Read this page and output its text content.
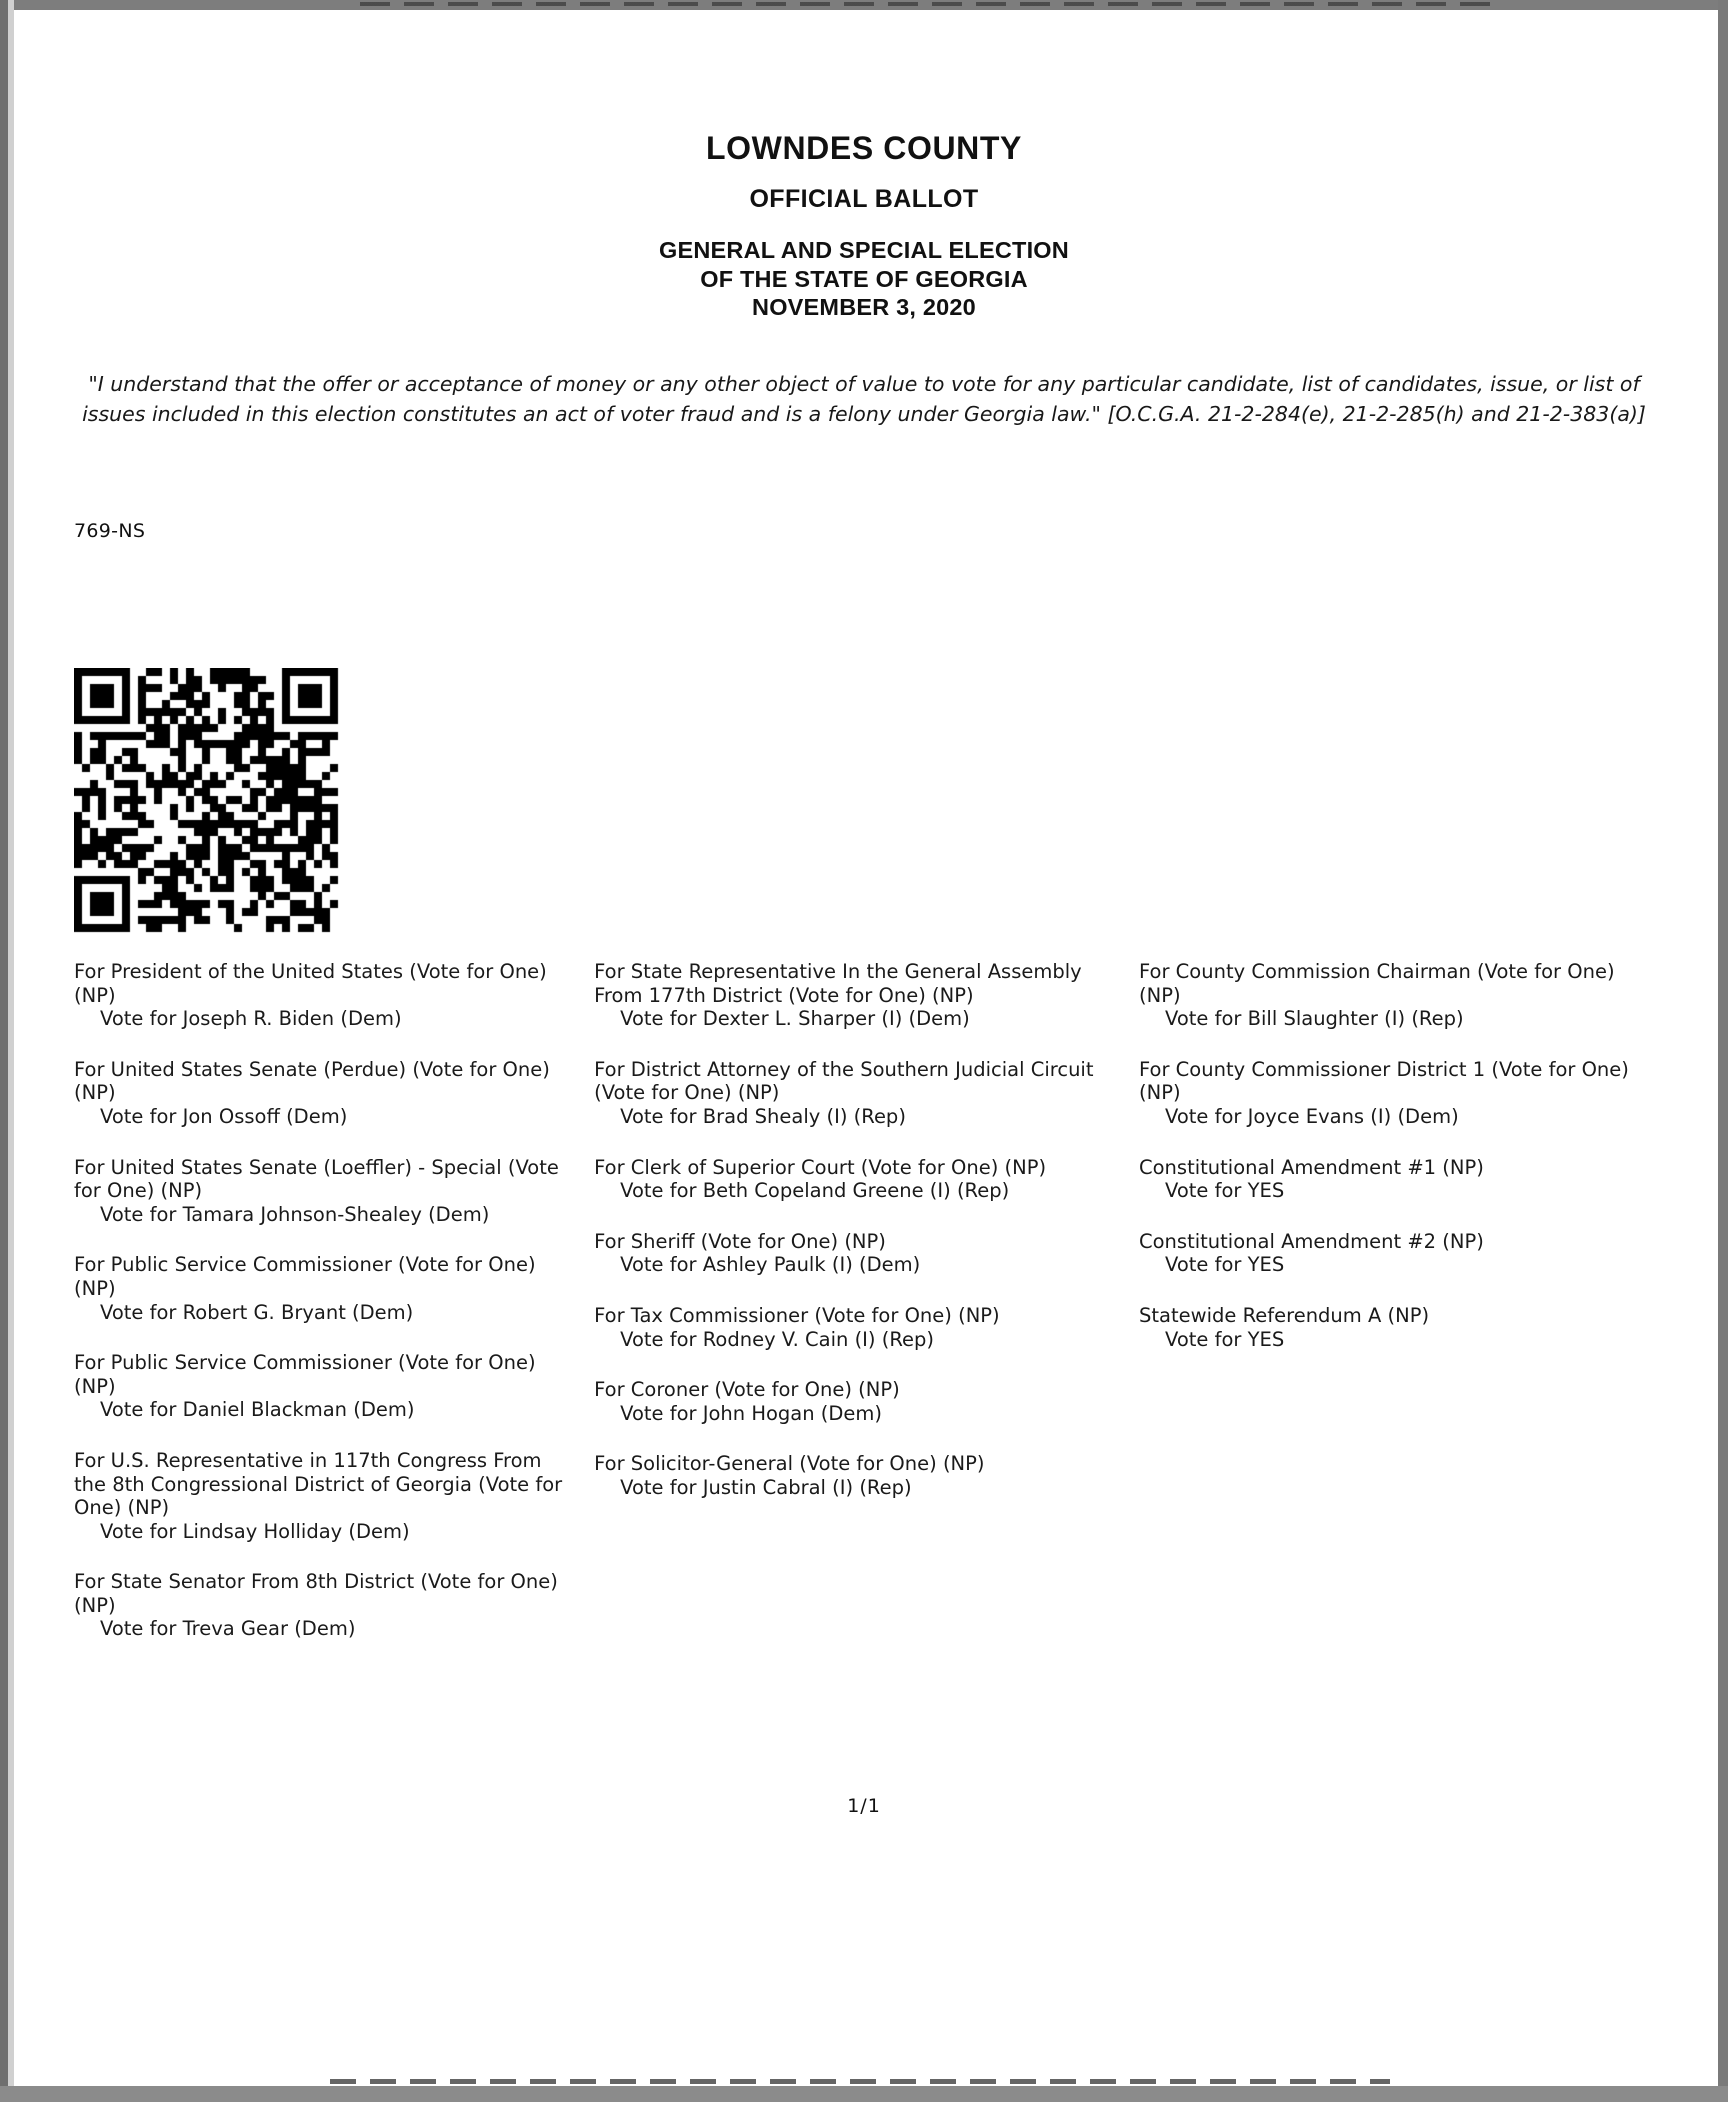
LOWNDES COUNTY
OFFICIAL BALLOT
GENERAL AND SPECIAL ELECTION
OF THE STATE OF GEORGIA
NOVEMBER 3, 2020
"I understand that the offer or acceptance of money or any other object of value to vote for any particular candidate, list of candidates, issue, or list of issues included in this election constitutes an act of voter fraud and is a felony under Georgia law." [O.C.G.A. 21-2-284(e), 21-2-285(h) and 21-2-383(a)]
769-NS
For President of the United States (Vote for One) (NP)
Vote for Joseph R. Biden (Dem)
For United States Senate (Perdue) (Vote for One) (NP)
Vote for Jon Ossoff (Dem)
For United States Senate (Loeffler) - Special (Vote for One) (NP)
Vote for Tamara Johnson-Shealey (Dem)
For Public Service Commissioner (Vote for One) (NP)
Vote for Robert G. Bryant (Dem)
For Public Service Commissioner (Vote for One) (NP)
Vote for Daniel Blackman (Dem)
For U.S. Representative in 117th Congress From the 8th Congressional District of Georgia (Vote for One) (NP)
Vote for Lindsay Holliday (Dem)
For State Senator From 8th District (Vote for One) (NP)
Vote for Treva Gear (Dem)
For State Representative In the General Assembly From 177th District (Vote for One) (NP)
Vote for Dexter L. Sharper (I) (Dem)
For District Attorney of the Southern Judicial Circuit (Vote for One) (NP)
Vote for Brad Shealy (I) (Rep)
For Clerk of Superior Court (Vote for One) (NP)
Vote for Beth Copeland Greene (I) (Rep)
For Sheriff (Vote for One) (NP)
Vote for Ashley Paulk (I) (Dem)
For Tax Commissioner (Vote for One) (NP)
Vote for Rodney V. Cain (I) (Rep)
For Coroner (Vote for One) (NP)
Vote for John Hogan (Dem)
For Solicitor-General (Vote for One) (NP)
Vote for Justin Cabral (I) (Rep)
For County Commission Chairman (Vote for One) (NP)
Vote for Bill Slaughter (I) (Rep)
For County Commissioner District 1 (Vote for One) (NP)
Vote for Joyce Evans (I) (Dem)
Constitutional Amendment #1 (NP)
Vote for YES
Constitutional Amendment #2 (NP)
Vote for YES
Statewide Referendum A (NP)
Vote for YES
1/1
